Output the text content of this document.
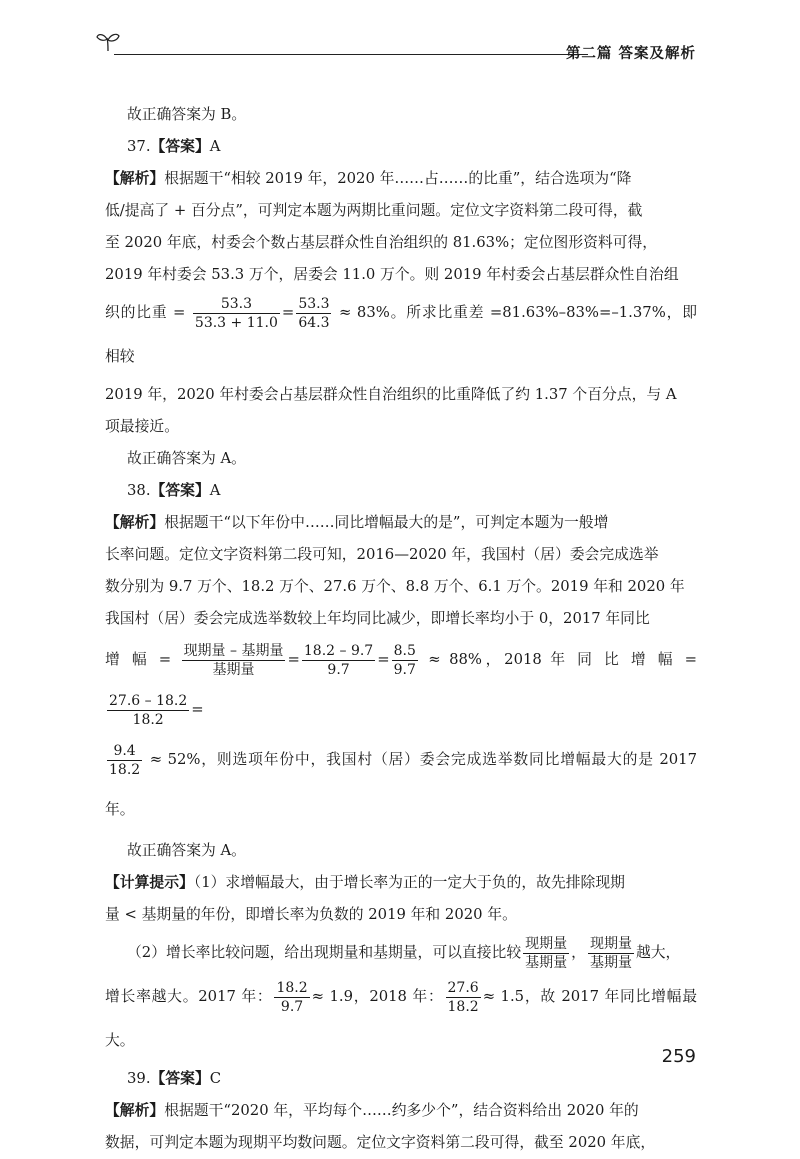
第二篇 答案及解析

故正确答案为 B。

37.【答案】A

【解析】根据题干“相较 2019 年，2020 年……占……的比重”，结合选项为“降

低/提高了 + 百分点”，可判定本题为两期比重问题。定位文字资料第二段可得，截

至 2020 年底，村委会个数占基层群众性自治组织的 81.63%；定位图形资料可得，

2019 年村委会 53.3 万个，居委会 11.0 万个。则 2019 年村委会占基层群众性自治组

织的比重 = $\frac{53.3}{53.3 + 11.0} = \frac{53.3}{64.3} \approx 83\%$。所求比重差 =81.63%–83%=–1.37%，即相较

2019 年，2020 年村委会占基层群众性自治组织的比重降低了约 1.37 个百分点，与 A

项最接近。

故正确答案为 A。

38.【答案】A

【解析】根据题干“以下年份中……同比增幅最大的是”，可判定本题为一般增

长率问题。定位文字资料第二段可知，2016—2020 年，我国村（居）委会完成选举

数分别为 9.7 万个、18.2 万个、27.6 万个、8.8 万个、6.1 万个。2019 年和 2020 年

我国村（居）委会完成选举数较上年均同比减少，即增长率均小于 0，2017 年同比

增 幅 = $\frac{\text{现期量 – 基期量}}{\text{基期量}} = \frac{18.2 - 9.7}{9.7} = \frac{8.5}{9.7} \approx 88\%$，2018 年 同 比 增 幅 =
$\frac{27.6 - 18.2}{18.2}$ =

$\frac{9.4}{18.2} \approx 52\%$，则选项年份中，我国村（居）委会完成选举数同比增幅最大的是 2017 年。

故正确答案为 A。

【计算提示】（1）求增幅最大，由于增长率为正的一定大于负的，故先排除现期

量 < 基期量的年份，即增长率为负数的 2019 年和 2020 年。

（2）增长率比较问题，给出现期量和基期量，可以直接比较 $\frac{\text{现期量}}{\text{基期量}}$ ， $\frac{\text{现期量}}{\text{基期量}}$ 越大，

增长率越大。2017 年： $\frac{18.2}{9.7} \approx 1.9$，2018 年： $\frac{27.6}{18.2} \approx 1.5$，故 2017 年同比增幅最大。

39.【答案】C

【解析】根据题干“2020 年，平均每个……约多少个”，结合资料给出 2020 年的

数据，可判定本题为现期平均数问题。定位文字资料第二段可得，截至 2020 年底，

259
